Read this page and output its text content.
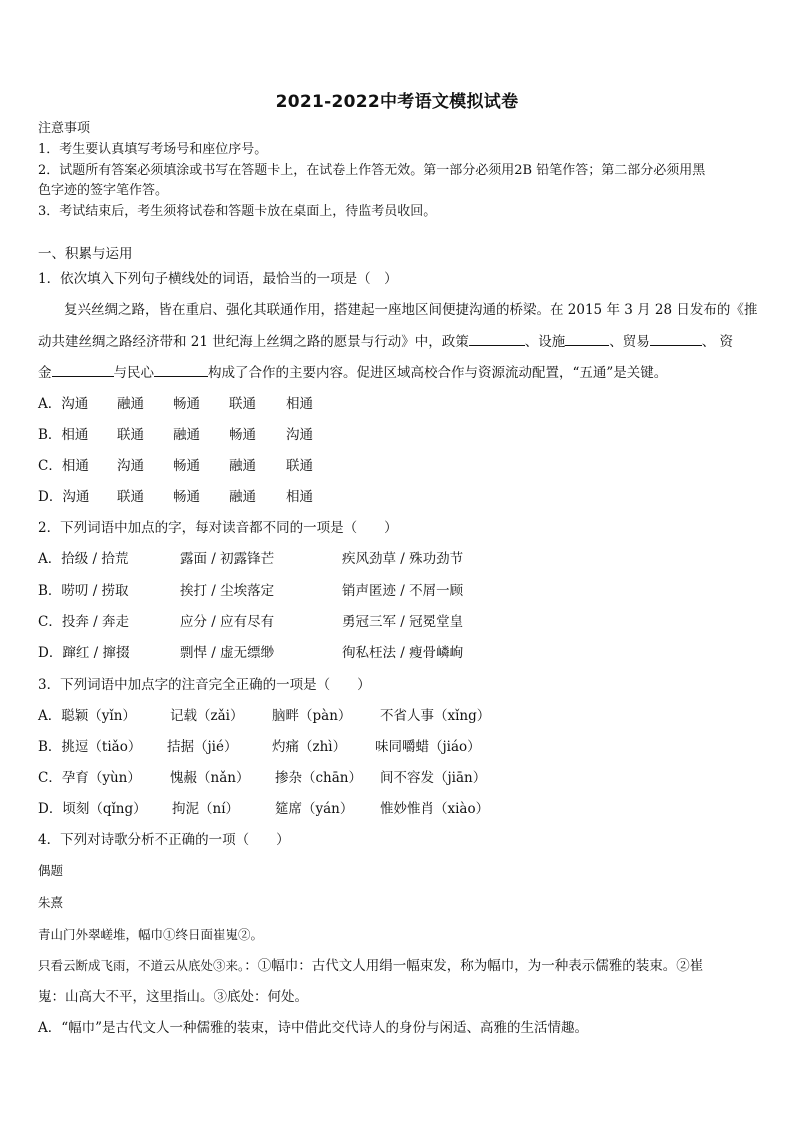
2021-2022中考语文模拟试卷
注意事项
1．考生要认真填写考场号和座位序号。
2．试题所有答案必须填涂或书写在答题卡上，在试卷上作答无效。第一部分必须用2B 铅笔作答；第二部分必须用黑
色字迹的签字笔作答。
3．考试结束后，考生须将试卷和答题卡放在桌面上，待监考员收回。
一、积累与运用
1．依次填入下列句子横线处的词语，最恰当的一项是（　）
复兴丝绸之路，皆在重启、强化其联通作用，搭建起一座地区间便捷沟通的桥梁。在 2015 年 3 月 28 日发布的《推
动共建丝绸之路经济带和 21 世纪海上丝绸之路的愿景与行动》中，政策	、设施	、贸易	、 资
金	与民心	构成了合作的主要内容。促进区域高校合作与资源流动配置，“五通”是关键。
A．沟通 融通 畅通 联通 相通
B．相通 联通 融通 畅通 沟通
C．相通 沟通 畅通 融通 联通
D．沟通 联通 畅通 融通 相通
2．下列词语中加点的字，每对读音都不同的一项是（　　）
A．拾级 / 拾荒	露面 / 初露锋芒	疾风劲草 / 殊功劲节
B．唠叨 / 捞取	挨打 / 尘埃落定	销声匿迹 / 不屑一顾
C．投奔 / 奔走	应分 / 应有尽有	勇冠三军 / 冠冕堂皇
D．蹿红 / 撺掇	剽悍 / 虚无缥缈	徇私枉法 / 瘦骨嶙峋
3．下列词语中加点字的注音完全正确的一项是（　　）
A．聪颖（yǐn）	记载（zǎi） 脑畔（pàn） 不省人事（xǐng）
B．挑逗（tiǎo） 拮据（jié）	灼痛（zhì） 味同嚼蜡（jiáo）
C．孕育（yùn） 愧赧（nǎn） 掺杂（chān） 间不容发（jiān）
D．顷刻（qǐng） 拘泥（ní）	筵席（yán） 惟妙惟肖（xiào）
4．下列对诗歌分析不正确的一项（　　）
偶题
朱熹
青山门外翠嵯堆，幅巾①终日面崔嵬②。
只看云断成飞雨，不道云从底处③来。：①幅巾：古代文人用绢一幅束发，称为幅巾，为一种表示儒雅的装束。②崔
嵬：山高大不平，这里指山。③底处：何处。
A．“幅巾”是古代文人一种儒雅的装束，诗中借此交代诗人的身份与闲适、高雅的生活情趣。
